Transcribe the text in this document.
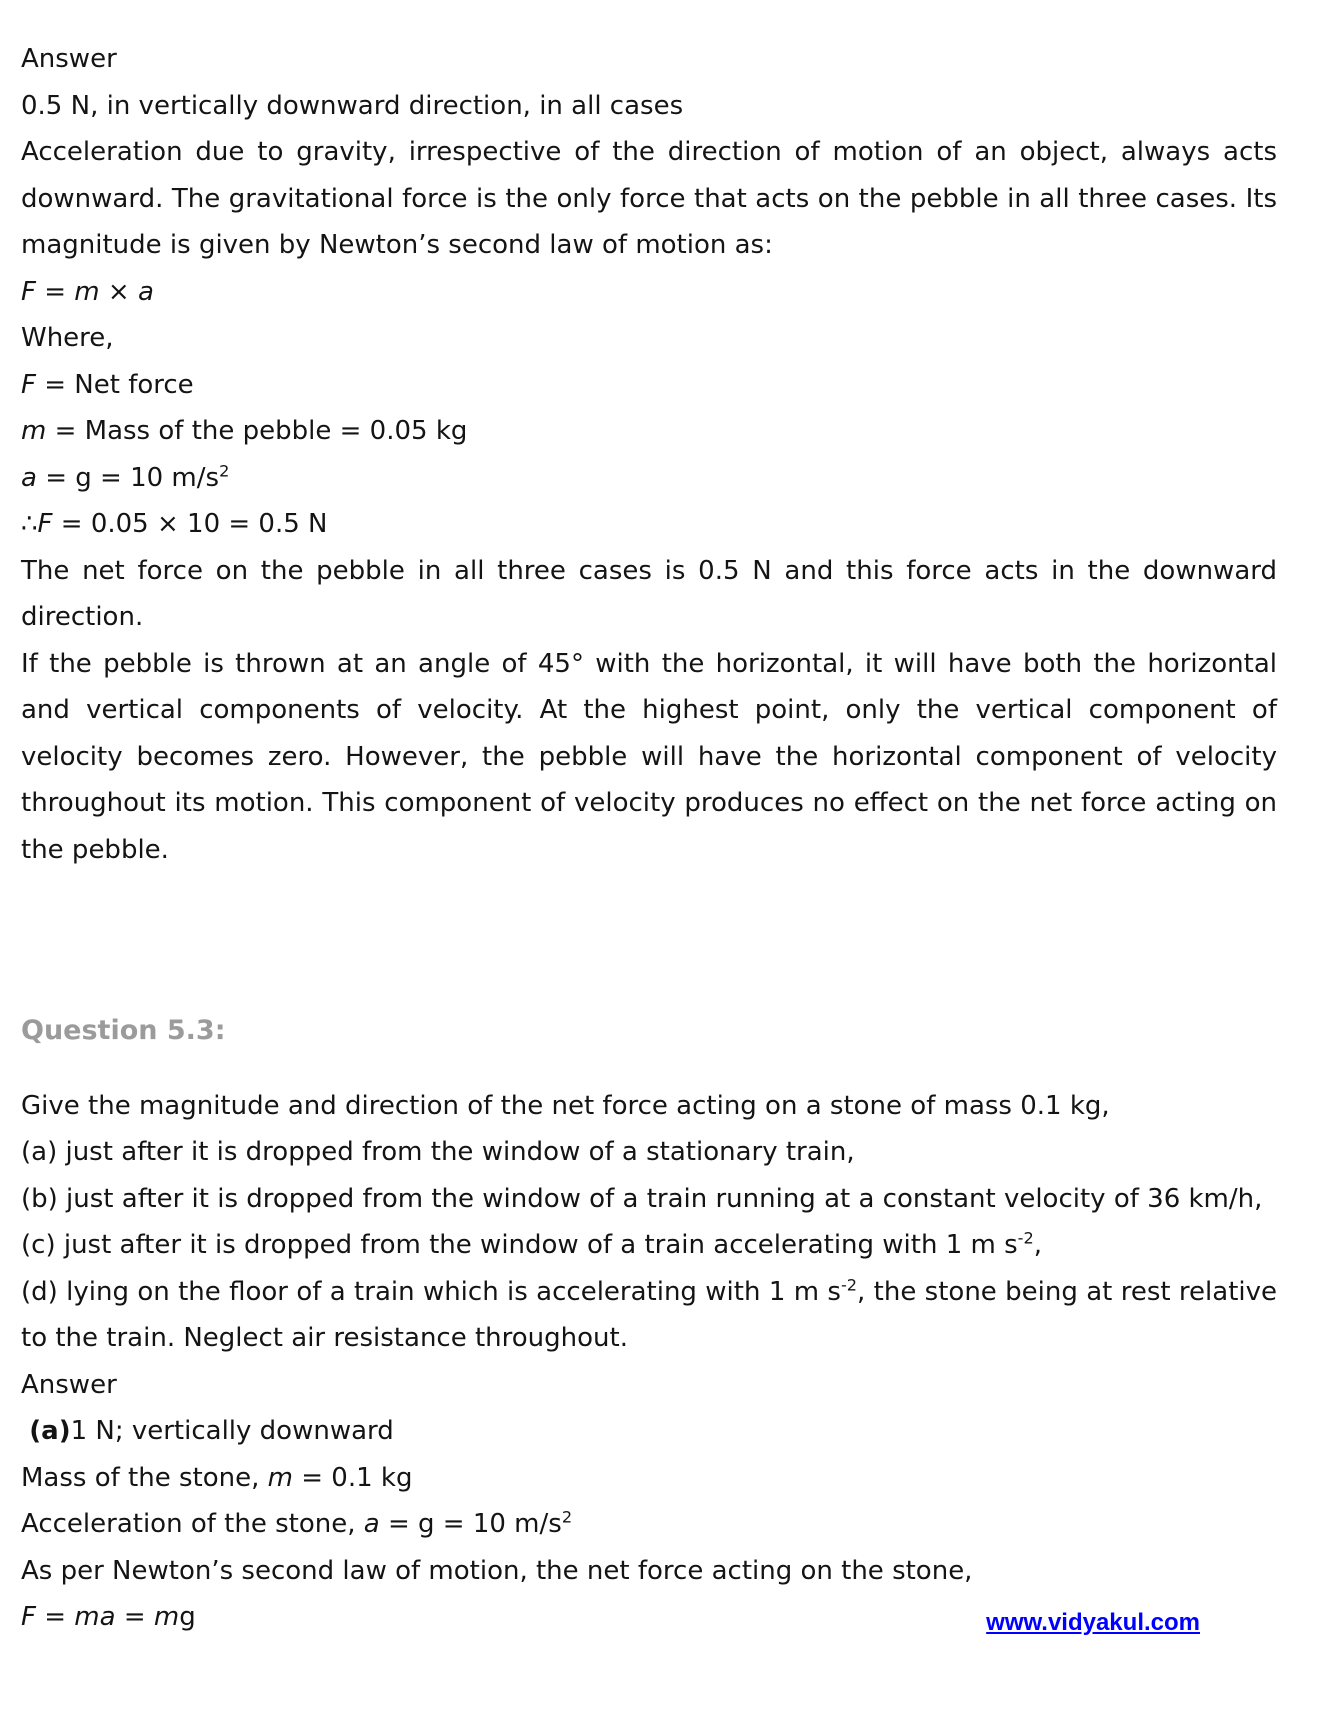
Answer

0.5 N, in vertically downward direction, in all cases

Acceleration due to gravity, irrespective of the direction of motion of an object, always acts downward. The gravitational force is the only force that acts on the pebble in all three cases. Its magnitude is given by Newton’s second law of motion as:

F = m × a

Where,

F = Net force

m = Mass of the pebble = 0.05 kg

a = g = 10 $m/s^2$

∴F = 0.05 × 10 = 0.5 N

The net force on the pebble in all three cases is 0.5 N and this force acts in the downward direction.

If the pebble is thrown at an angle of 45° with the horizontal, it will have both the horizontal and vertical components of velocity. At the highest point, only the vertical component of velocity becomes zero. However, the pebble will have the horizontal component of velocity throughout its motion. This component of velocity produces no effect on the net force acting on the pebble.

Question 5.3:

Give the magnitude and direction of the net force acting on a stone of mass 0.1 kg,

(a) just after it is dropped from the window of a stationary train,

(b) just after it is dropped from the window of a train running at a constant velocity of 36 km/h,

(c) just after it is dropped from the window of a train accelerating with 1 m $s^{-2}$,

(d) lying on the floor of a train which is accelerating with 1 m $s^{-2}$, the stone being at rest relative to the train. Neglect air resistance throughout.

Answer

(a)1 N; vertically downward

Mass of the stone, m = 0.1 kg

Acceleration of the stone, a = g = 10 $m/s^2$

As per Newton’s second law of motion, the net force acting on the stone,

F = ma = mg	www.vidyakul.com
